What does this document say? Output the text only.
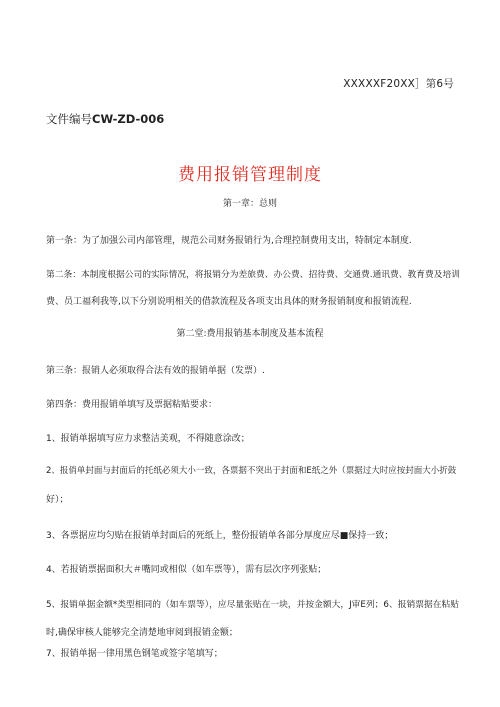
XXXXXF20XX］第6号
文件编号CW-ZD-006
费用报销管理制度
第一章：总则
第一条：为了加强公司内部管理，规范公司财务报销行为,合理控制费用支出，特制定本制度.
第二条：本制度根据公司的实际情况，将报销分为差旅费、办公费、招待费、交通费.通讯费、教育费及培训
费、员工福利我等,以下分别说明相关的借款流程及各项支出具体的财务报销制度和报销流程.
第二堂:费用报销基本制度及基本流程
第三条：报销人必须取得合法有效的报销单据（发票）.
第四条：费用报销单填写及票据粘贴要求：
1、报销单据填写应力求整洁美观，不得随意涂改；
2、报俏单封面与封面后的托纸必须大小一致，各票据不突出于封面和E纸之外（票据过大时应按封面大小折鼓
好）；
3、各票据应均匀贴在报销单封面后的死纸上，整份报销单各部分厚度应尽■保持一致；
4、若报销票据面积大＃嘴同或相似（如车票等），需有层次序列张贴；
5、报销单据金额*类型相同的（如车票等），应尽量张贴在一块，并按金额大，J审E列；6、报销票据在粘贴
时,确保审核人能够完全清楚地审阅到报销金额；
7、报销单据一律用黑色钢笔或签字笔填写；
